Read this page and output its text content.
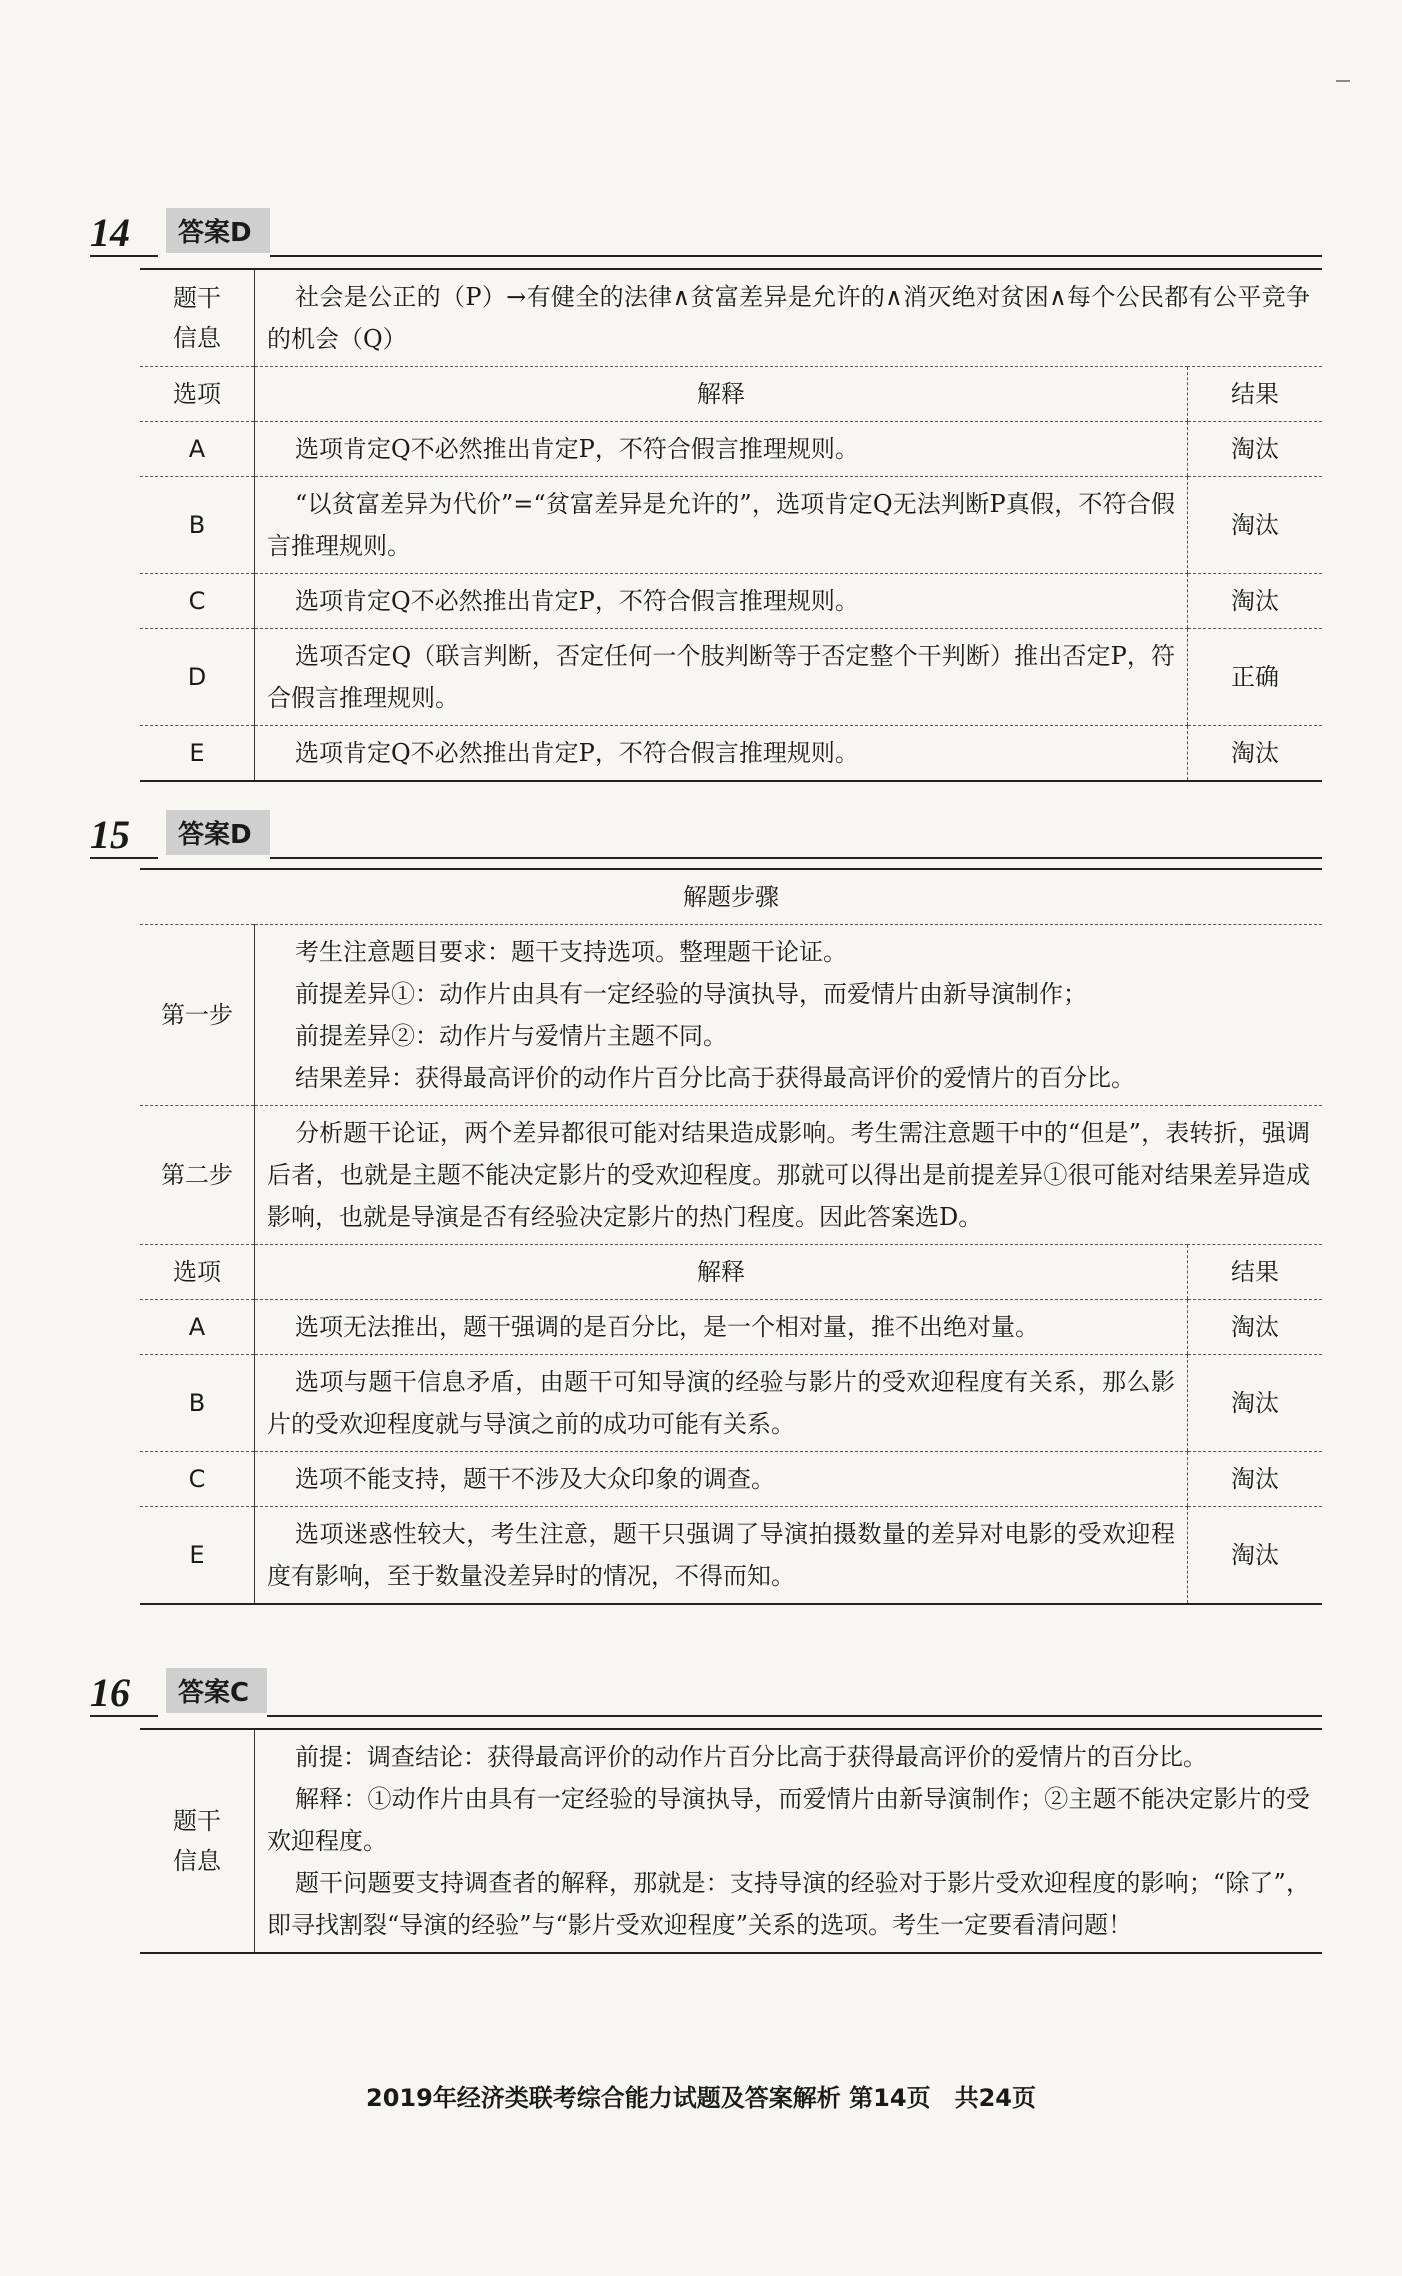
14	答案D
题干
信息	社会是公正的（P）→有健全的法律∧贫富差异是允许的∧消灭绝对贫困∧每个公民都有公平竞争的机会（Q）	
选项	解释	结果
A	选项肯定Q不必然推出肯定P，不符合假言推理规则。	淘汰
B	“以贫富差异为代价”=“贫富差异是允许的”，选项肯定Q无法判断P真假，不符合假言推理规则。	淘汰
C	选项肯定Q不必然推出肯定P，不符合假言推理规则。	淘汰
D	选项否定Q（联言判断，否定任何一个肢判断等于否定整个干判断）推出否定P，符合假言推理规则。	正确
E	选项肯定Q不必然推出肯定P，不符合假言推理规则。	淘汰
15	答案D
解题步骤		
第一步	考生注意题目要求：题干支持选项。整理题干论证。

前提差异①：动作片由具有一定经验的导演执导，而爱情片由新导演制作；

前提差异②：动作片与爱情片主题不同。

结果差异：获得最高评价的动作片百分比高于获得最高评价的爱情片的百分比。	

第二步	分析题干论证，两个差异都很可能对结果造成影响。考生需注意题干中的“但是”，表转折，强调后者，也就是主题不能决定影片的受欢迎程度。那就可以得出是前提差异①很可能对结果差异造成影响，也就是导演是否有经验决定影片的热门程度。因此答案选D。	
选项	解释	结果
A	选项无法推出，题干强调的是百分比，是一个相对量，推不出绝对量。	淘汰
B	选项与题干信息矛盾，由题干可知导演的经验与影片的受欢迎程度有关系，那么影片的受欢迎程度就与导演之前的成功可能有关系。	淘汰
C	选项不能支持，题干不涉及大众印象的调查。	淘汰
E	选项迷惑性较大，考生注意，题干只强调了导演拍摄数量的差异对电影的受欢迎程度有影响，至于数量没差异时的情况，不得而知。	淘汰
16	答案C
题干
信息	

前提：调查结论：获得最高评价的动作片百分比高于获得最高评价的爱情片的百分比。

解释：①动作片由具有一定经验的导演执导，而爱情片由新导演制作；②主题不能决定影片的受欢迎程度。

题干问题要支持调查者的解释，那就是：支持导演的经验对于影片受欢迎程度的影响；“除了”，即寻找割裂“导演的经验”与“影片受欢迎程度”关系的选项。考生一定要看清问题！

2019年经济类联考综合能力试题及答案解析 第14页　共24页
